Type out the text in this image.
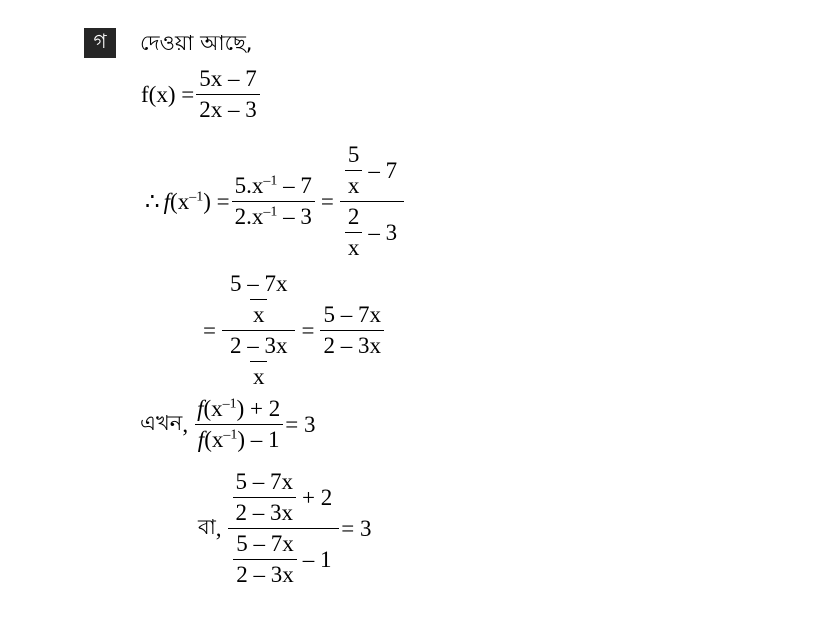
গ	দেওয়া আছে,
$f(x) = \frac{5x - 7}{2x - 3}$
∴ $f(x^{-1}) = \frac{5.x^{-1} - 7}{2.x^{-1} - 3} = \frac{\frac{5}{x} - 7}{\frac{2}{x} - 3}$
= $\frac{\frac{5 - 7x}{x}}{\frac{2 - 3x}{x}} = \frac{5 - 7x}{2 - 3x}$
এখন , $\frac{f(x^{-1}) + 2}{f(x^{-1}) - 1} = 3$
বা , $\frac{\frac{5 - 7x}{2 - 3x} + 2}{\frac{5 - 7x}{2 - 3x} - 1} = 3$
